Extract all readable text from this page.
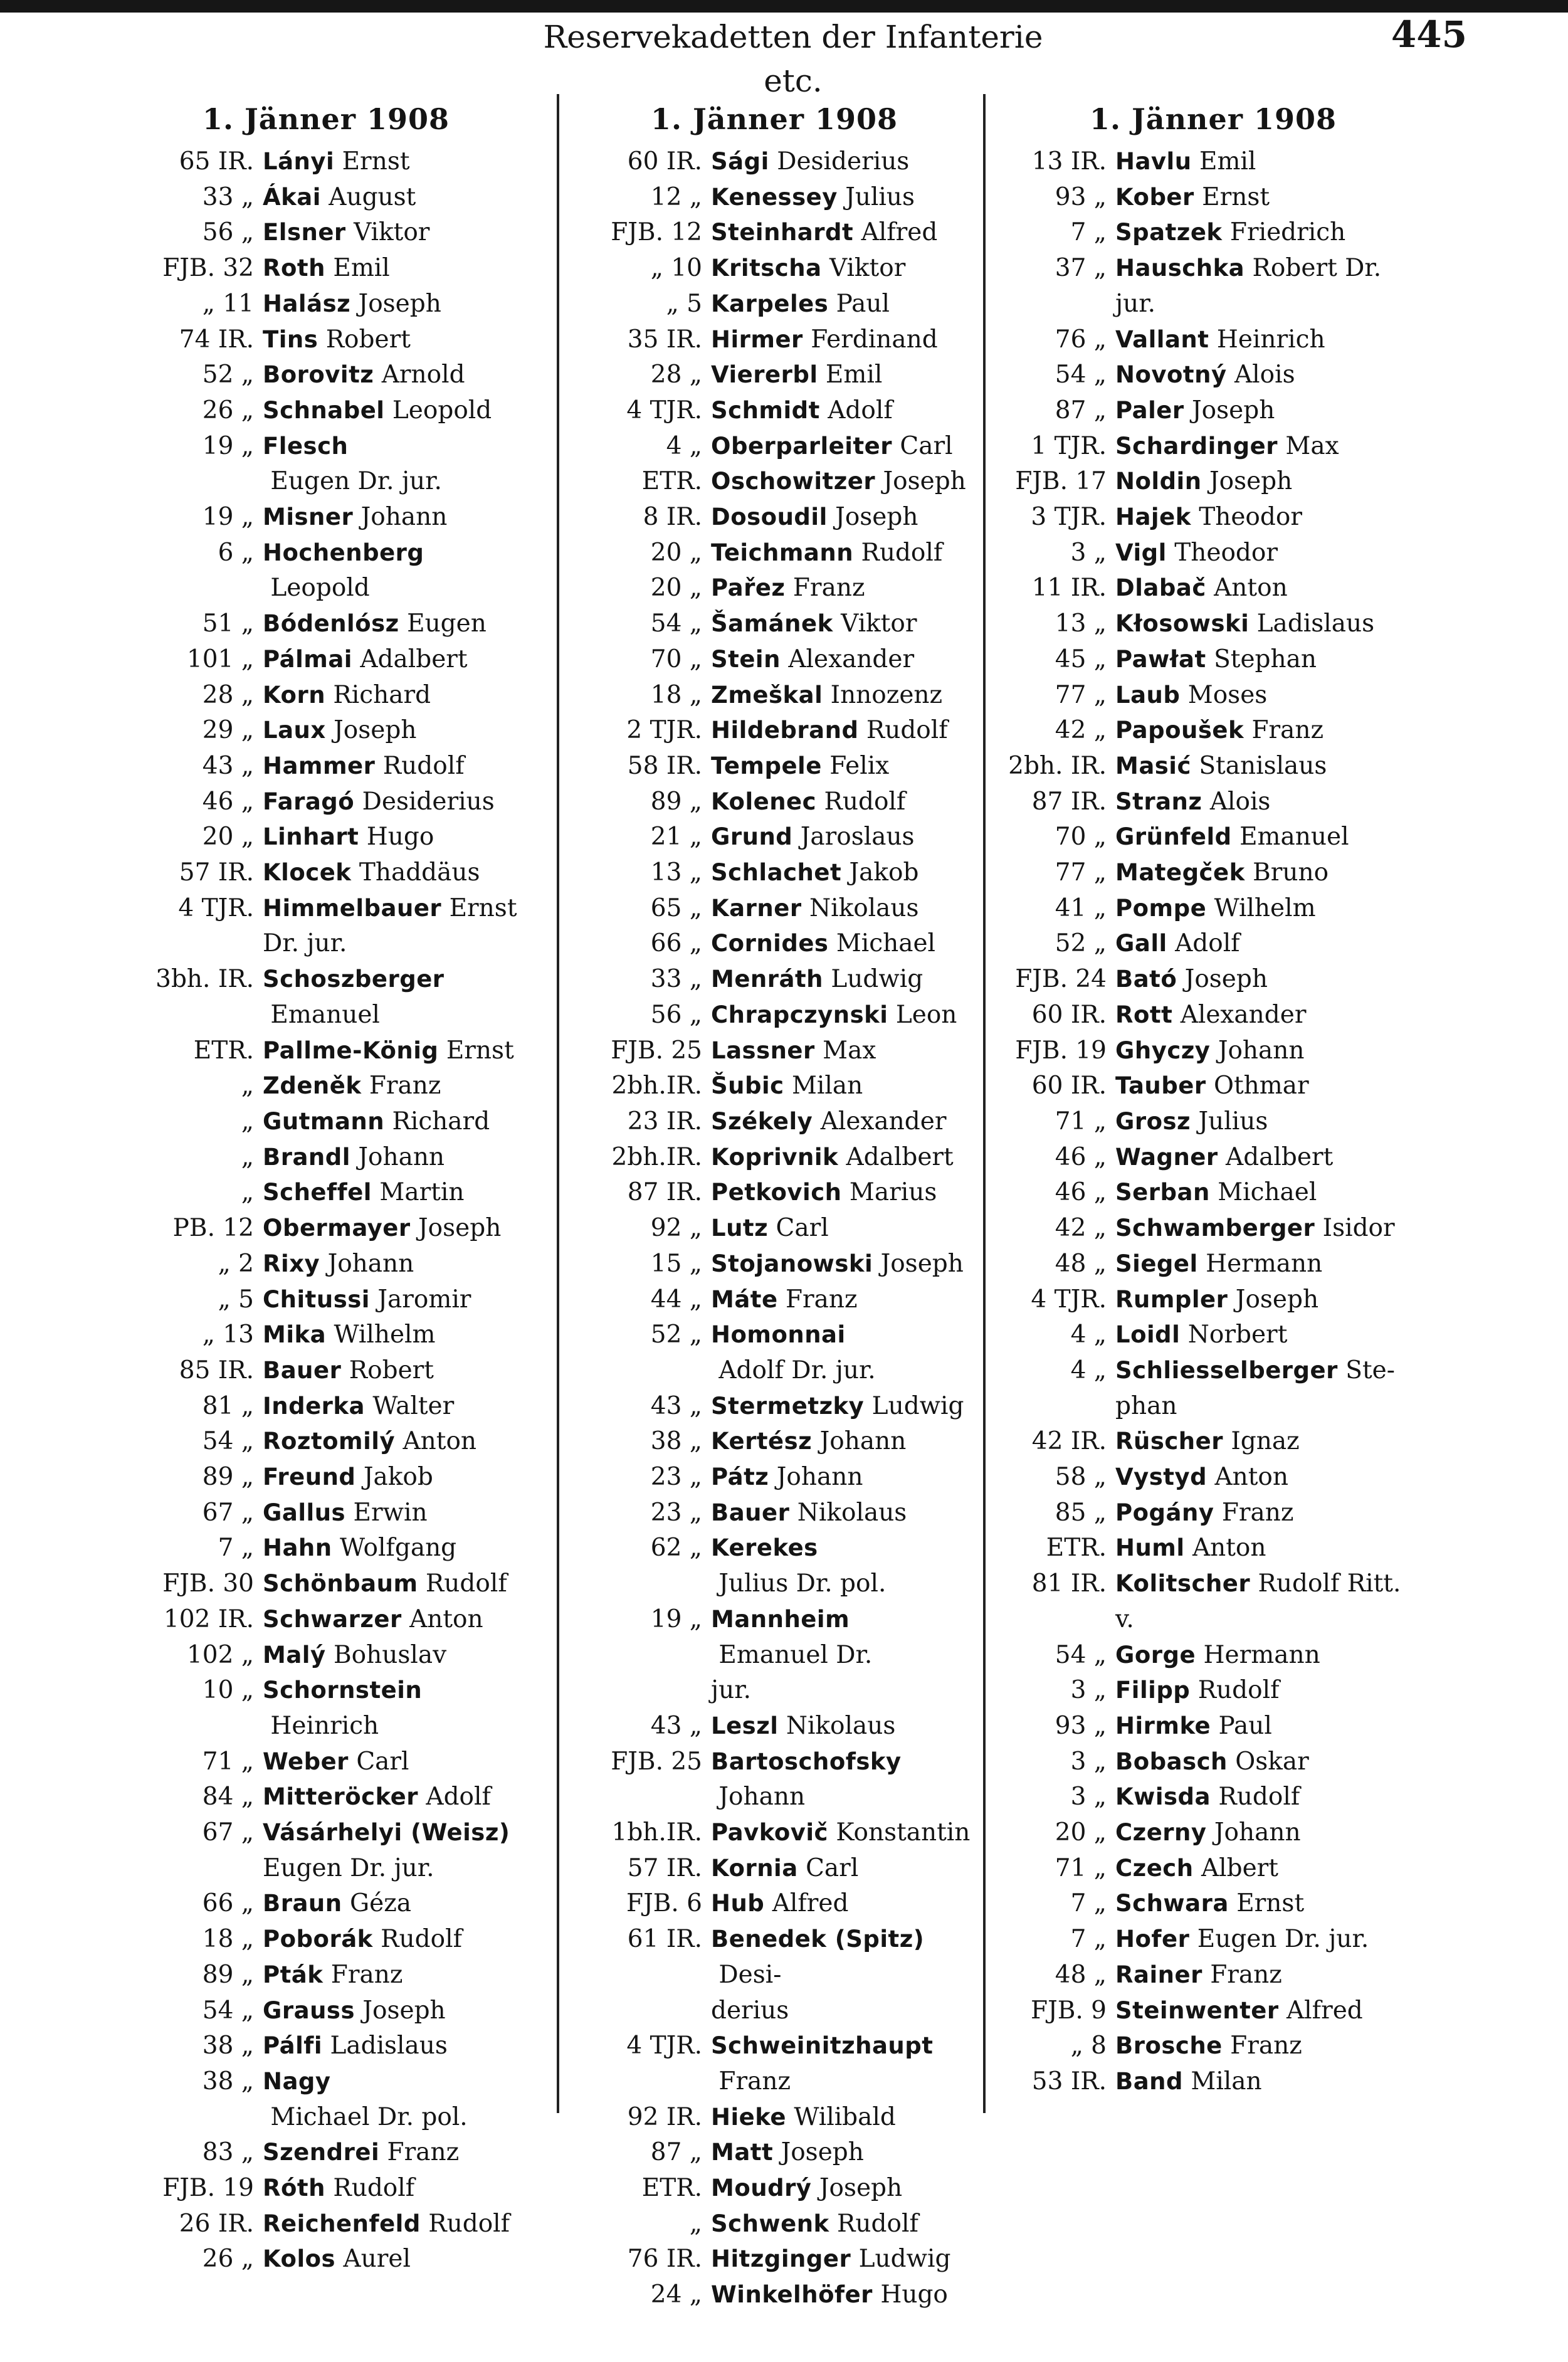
Reservekadetten der Infanterie etc.
445
1. Jänner 1908
65 IR. Lányi Ernst
33 „ Ákai August
56 „ Elsner Viktor
FJB. 32 Roth Emil
„ 11 Halász Joseph
74 IR. Tins Robert
52 „ Borovitz Arnold
26 „ Schnabel Leopold
19 „ Flesch Eugen Dr. jur.
19 „ Misner Johann
6 „ Hochenberg Leopold
51 „ Bódenlósz Eugen
101 „ Pálmai Adalbert
28 „ Korn Richard
29 „ Laux Joseph
43 „ Hammer Rudolf
46 „ Faragó Desiderius
20 „ Linhart Hugo
57 IR. Klocek Thaddäus
4 TJR. Himmelbauer Ernst
Dr. jur.
3bh. IR. Schoszberger Emanuel
ETR. Pallme-König Ernst
„ Zdeněk Franz
„ Gutmann Richard
„ Brandl Johann
„ Scheffel Martin
PB. 12 Obermayer Joseph
„ 2 Rixy Johann
„ 5 Chitussi Jaromir
„ 13 Mika Wilhelm
85 IR. Bauer Robert
81 „ Inderka Walter
54 „ Roztomilý Anton
89 „ Freund Jakob
67 „ Gallus Erwin
7 „ Hahn Wolfgang
FJB. 30 Schönbaum Rudolf
102 IR. Schwarzer Anton
102 „ Malý Bohuslav
10 „ Schornstein Heinrich
71 „ Weber Carl
84 „ Mitteröcker Adolf
67 „ Vásárhelyi (Weisz)
Eugen Dr. jur.
66 „ Braun Géza
18 „ Poborák Rudolf
89 „ Pták Franz
54 „ Grauss Joseph
38 „ Pálfi Ladislaus
38 „ Nagy Michael Dr. pol.
83 „ Szendrei Franz
FJB. 19 Róth Rudolf
26 IR. Reichenfeld Rudolf
26 „ Kolos Aurel
1. Jänner 1908
60 IR. Sági Desiderius
12 „ Kenessey Julius
FJB. 12 Steinhardt Alfred
„ 10 Kritscha Viktor
„ 5 Karpeles Paul
35 IR. Hirmer Ferdinand
28 „ Viererbl Emil
4 TJR. Schmidt Adolf
4 „ Oberparleiter Carl
ETR. Oschowitzer Joseph
8 IR. Dosoudil Joseph
20 „ Teichmann Rudolf
20 „ Pařez Franz
54 „ Šamánek Viktor
70 „ Stein Alexander
18 „ Zmeškal Innozenz
2 TJR. Hildebrand Rudolf
58 IR. Tempele Felix
89 „ Kolenec Rudolf
21 „ Grund Jaroslaus
13 „ Schlachet Jakob
65 „ Karner Nikolaus
66 „ Cornides Michael
33 „ Menráth Ludwig
56 „ Chrapczynski Leon
FJB. 25 Lassner Max
2bh.IR. Šubic Milan
23 IR. Székely Alexander
2bh.IR. Koprivnik Adalbert
87 IR. Petkovich Marius
92 „ Lutz Carl
15 „ Stojanowski Joseph
44 „ Máte Franz
52 „ Homonnai Adolf Dr. jur.
43 „ Stermetzky Ludwig
38 „ Kertész Johann
23 „ Pátz Johann
23 „ Bauer Nikolaus
62 „ Kerekes Julius Dr. pol.
19 „ Mannheim Emanuel Dr.
jur.
43 „ Leszl Nikolaus
FJB. 25 Bartoschofsky Johann
1bh.IR. Pavkovič Konstantin
57 IR. Kornia Carl
FJB. 6 Hub Alfred
61 IR. Benedek (Spitz) Desi-
derius
4 TJR. Schweinitzhaupt Franz
92 IR. Hieke Wilibald
87 „ Matt Joseph
ETR. Moudrý Joseph
„ Schwenk Rudolf
76 IR. Hitzginger Ludwig
24 „ Winkelhöfer Hugo
1. Jänner 1908
13 IR. Havlu Emil
93 „ Kober Ernst
7 „ Spatzek Friedrich
37 „ Hauschka Robert Dr.
jur.
76 „ Vallant Heinrich
54 „ Novotný Alois
87 „ Paler Joseph
1 TJR. Schardinger Max
FJB. 17 Noldin Joseph
3 TJR. Hajek Theodor
3 „ Vigl Theodor
11 IR. Dlabač Anton
13 „ Kłosowski Ladislaus
45 „ Pawłat Stephan
77 „ Laub Moses
42 „ Papoušek Franz
2bh. IR. Masić Stanislaus
87 IR. Stranz Alois
70 „ Grünfeld Emanuel
77 „ Mategček Bruno
41 „ Pompe Wilhelm
52 „ Gall Adolf
FJB. 24 Bató Joseph
60 IR. Rott Alexander
FJB. 19 Ghyczy Johann
60 IR. Tauber Othmar
71 „ Grosz Julius
46 „ Wagner Adalbert
46 „ Serban Michael
42 „ Schwamberger Isidor
48 „ Siegel Hermann
4 TJR. Rumpler Joseph
4 „ Loidl Norbert
4 „ Schliesselberger Ste-
phan
42 IR. Rüscher Ignaz
58 „ Vystyd Anton
85 „ Pogány Franz
ETR. Huml Anton
81 IR. Kolitscher Rudolf Ritt.
v.
54 „ Gorge Hermann
3 „ Filipp Rudolf
93 „ Hirmke Paul
3 „ Bobasch Oskar
3 „ Kwisda Rudolf
20 „ Czerny Johann
71 „ Czech Albert
7 „ Schwara Ernst
7 „ Hofer Eugen Dr. jur.
48 „ Rainer Franz
FJB. 9 Steinwenter Alfred
„ 8 Brosche Franz
53 IR. Band Milan
